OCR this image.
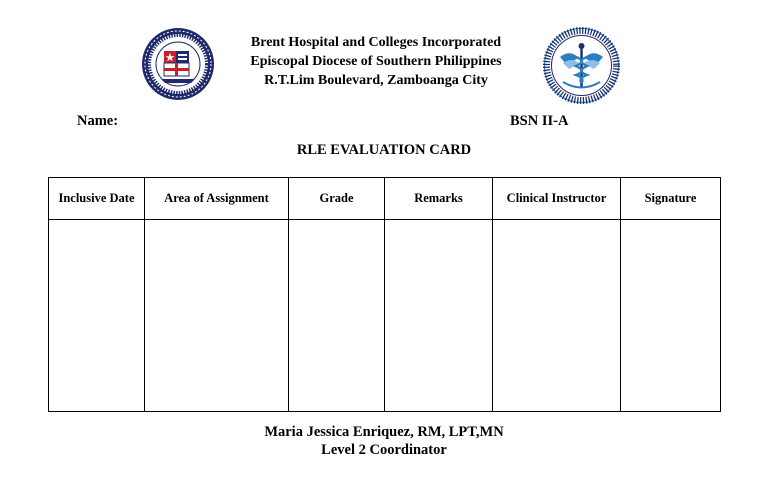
Brent Hospital and Colleges Incorporated
Episcopal Diocese of Southern Philippines
R.T.Lim Boulevard, Zamboanga City
Name:	BSN II-A
RLE EVALUATION CARD
Inclusive Date	Area of Assignment	Grade	Remarks	Clinical Instructor	Signature

Maria Jessica Enriquez, RM, LPT,MN
Level 2 Coordinator
